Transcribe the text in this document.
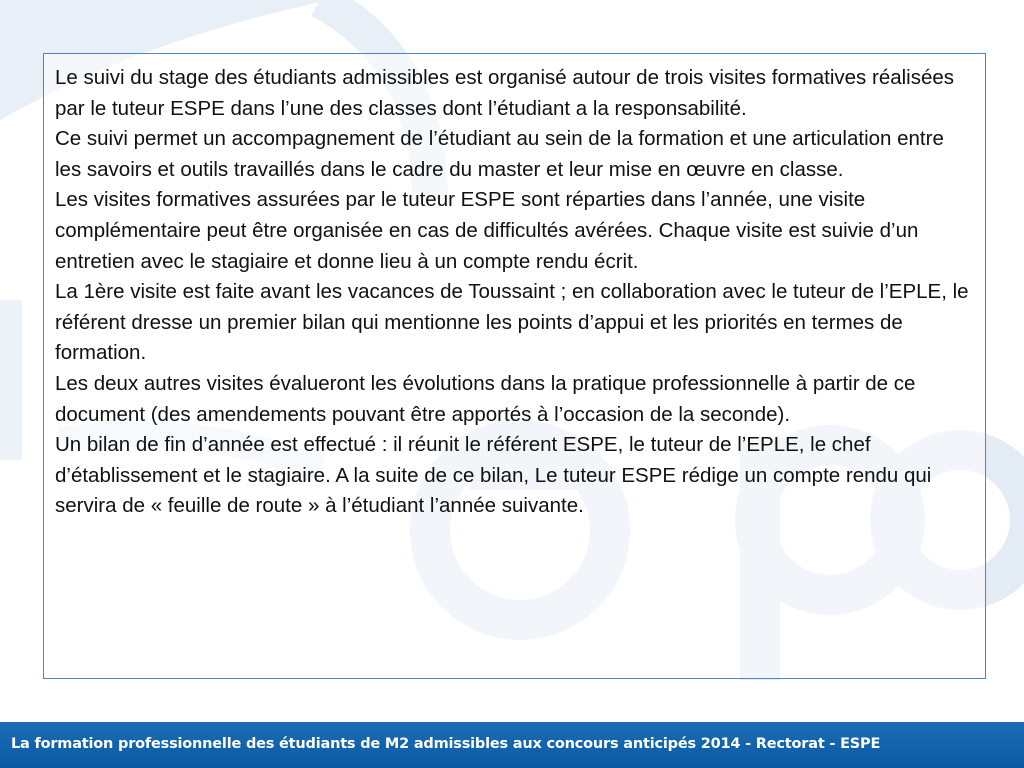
Le suivi du stage des étudiants admissibles est organisé autour de trois visites formatives réalisées par le tuteur ESPE dans l’une des classes dont l’étudiant a la responsabilité.

Ce suivi permet un accompagnement de l’étudiant au sein de la formation et une articulation entre les savoirs et outils travaillés dans le cadre du master et leur mise en œuvre en classe.

Les visites formatives assurées par le tuteur ESPE sont réparties dans l’année, une visite complémentaire peut être organisée en cas de difficultés avérées. Chaque visite est suivie d’un entretien avec le stagiaire et donne lieu à un compte rendu écrit.

La 1ère visite est faite avant les vacances de Toussaint ; en collaboration avec le tuteur de l’EPLE, le référent dresse un premier bilan qui mentionne les points d’appui et les priorités en termes de formation.

Les deux autres visites évalueront les évolutions dans la pratique professionnelle à partir de ce document (des amendements pouvant être apportés à l’occasion de la seconde).

Un bilan de fin d’année est effectué : il réunit le référent ESPE, le tuteur de l’EPLE, le chef d’établissement et le stagiaire. A la suite de ce bilan, Le tuteur ESPE rédige un compte rendu qui servira de « feuille de route » à l’étudiant l’année suivante.

La formation professionnelle des étudiants de M2 admissibles aux concours anticipés 2014 - Rectorat - ESPE
